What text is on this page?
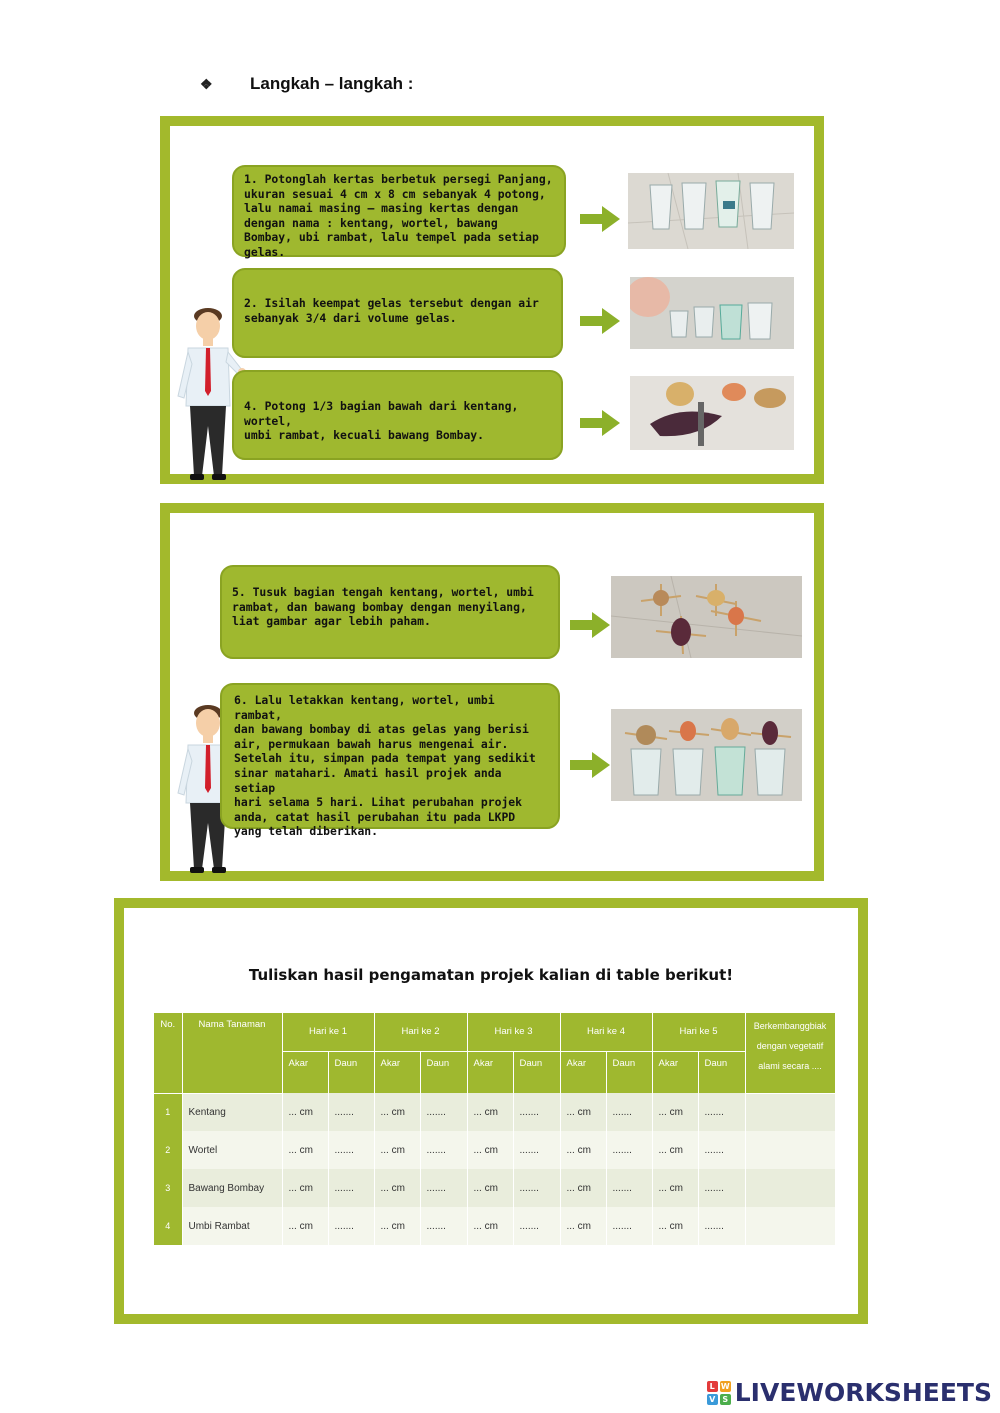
❖ Langkah – langkah :
1. Potonglah kertas berbetuk persegi Panjang,
ukuran sesuai 4 cm x 8 cm sebanyak 4 potong,
lalu namai masing – masing kertas dengan
dengan nama : kentang, wortel, bawang
Bombay, ubi rambat, lalu tempel pada setiap
gelas.
2. Isilah keempat gelas tersebut dengan air
sebanyak 3/4 dari volume gelas.
4. Potong 1/3 bagian bawah dari kentang, wortel,
umbi rambat, kecuali bawang Bombay.
5. Tusuk bagian tengah kentang, wortel, umbi
rambat, dan bawang bombay dengan menyilang,
liat gambar agar lebih paham.
6. Lalu letakkan kentang, wortel, umbi rambat,
dan bawang bombay di atas gelas yang berisi
air, permukaan bawah harus mengenai air.
Setelah itu, simpan pada tempat yang sedikit
sinar matahari. Amati hasil projek anda setiap
hari selama 5 hari. Lihat perubahan projek
anda, catat hasil perubahan itu pada LKPD
yang telah diberikan.
Tuliskan hasil pengamatan projek kalian di table berikut!
No.	Nama Tanaman	Hari ke 1		Hari ke 2		Hari ke 3		Hari ke 4		Hari ke 5		Berkembanggbiak dengan vegetatif alami secara ....
		Akar	Daun	Akar	Daun	Akar	Daun	Akar	Daun	Akar	Daun	
1	Kentang	... cm	.......	... cm	.......	... cm	.......	... cm	.......	... cm	.......	
2	Wortel	... cm	.......	... cm	.......	... cm	.......	... cm	.......	... cm	.......	
3	Bawang Bombay	... cm	.......	... cm	.......	... cm	.......	... cm	.......	... cm	.......	
4	Umbi Rambat	... cm	.......	... cm	.......	... cm	.......	... cm	.......	... cm	.......	
L W
V S LIVEWORKSHEETS
